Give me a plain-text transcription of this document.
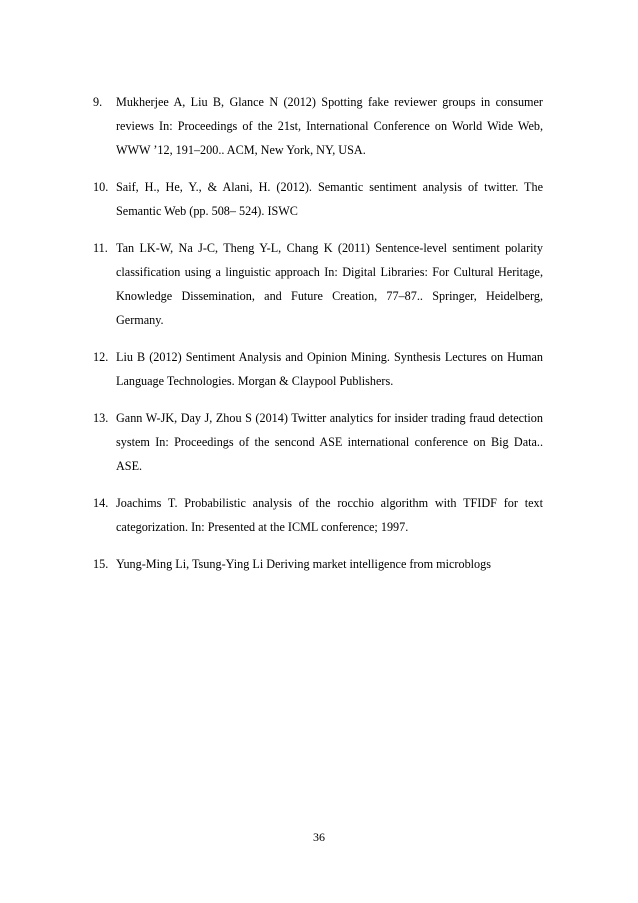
9. Mukherjee A, Liu B, Glance N (2012) Spotting fake reviewer groups in consumer reviews In: Proceedings of the 21st, International Conference on World Wide Web, WWW ’12, 191–200.. ACM, New York, NY, USA.
10. Saif, H., He, Y., & Alani, H. (2012). Semantic sentiment analysis of twitter. The Semantic Web (pp. 508– 524). ISWC
11. Tan LK-W, Na J-C, Theng Y-L, Chang K (2011) Sentence-level sentiment polarity classification using a linguistic approach In: Digital Libraries: For Cultural Heritage, Knowledge Dissemination, and Future Creation, 77–87.. Springer, Heidelberg, Germany.
12. Liu B (2012) Sentiment Analysis and Opinion Mining. Synthesis Lectures on Human Language Technologies. Morgan & Claypool Publishers.
13. Gann W-JK, Day J, Zhou S (2014) Twitter analytics for insider trading fraud detection system In: Proceedings of the sencond ASE international conference on Big Data.. ASE.
14. Joachims T. Probabilistic analysis of the rocchio algorithm with TFIDF for text categorization. In: Presented at the ICML conference; 1997.
15. Yung-Ming Li, Tsung-Ying Li Deriving market intelligence from microblogs
36
